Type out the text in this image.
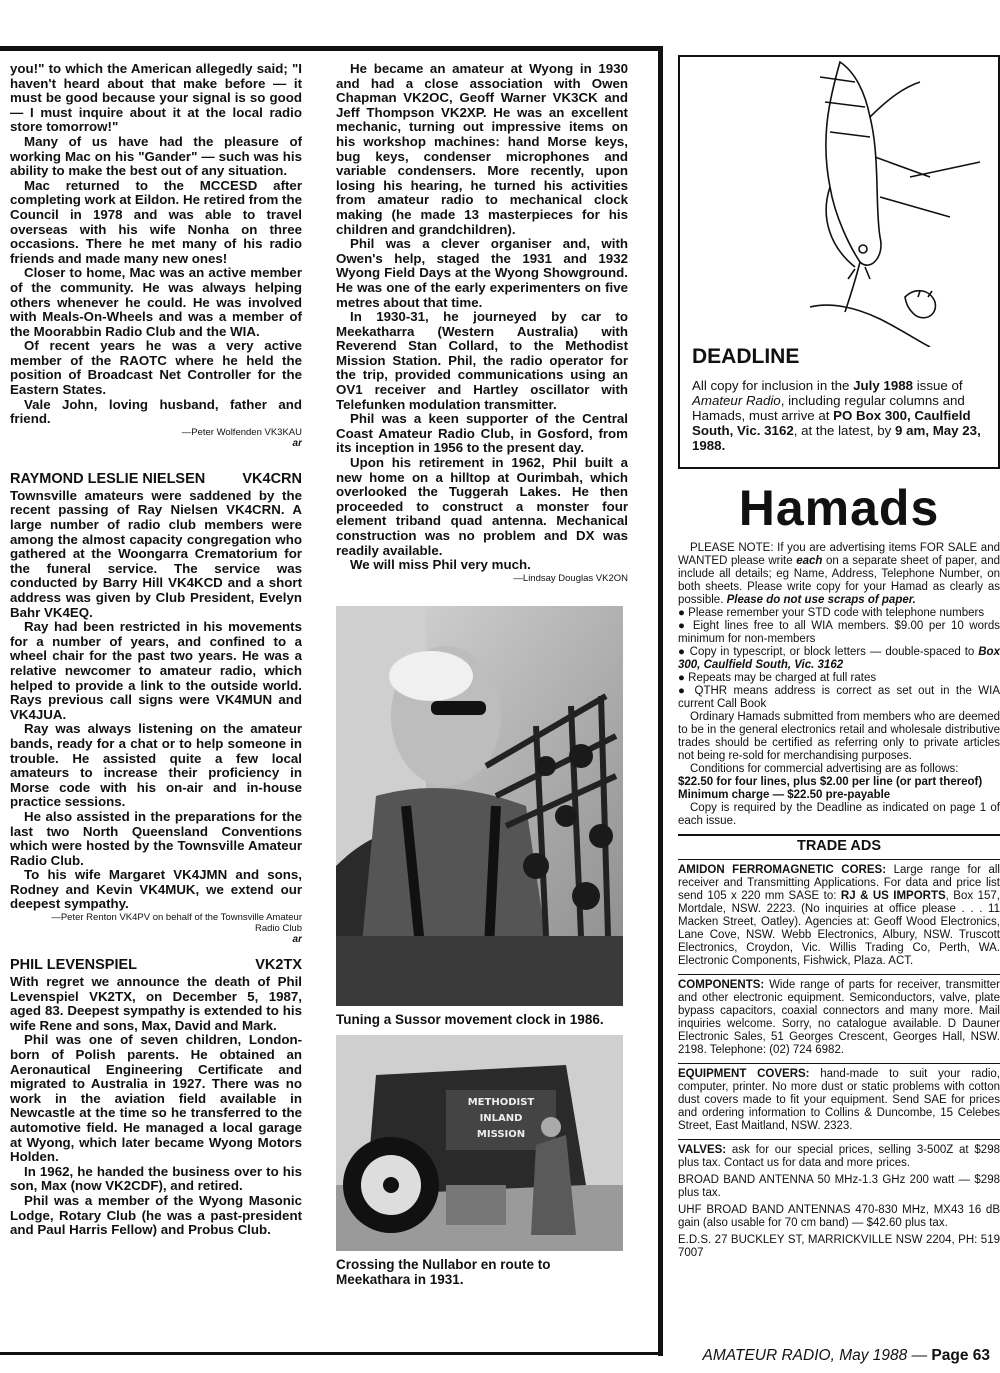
you!" to which the American allegedly said; "I haven't heard about that make before — it must be good because your signal is so good — I must inquire about it at the local radio store tomorrow!"

Many of us have had the pleasure of working Mac on his "Gander" — such was his ability to make the best out of any situation.

Mac returned to the MCCESD after completing work at Eildon. He retired from the Council in 1978 and was able to travel overseas with his wife Nonha on three occasions. There he met many of his radio friends and made many new ones!

Closer to home, Mac was an active member of the community. He was always helping others whenever he could. He was involved with Meals-On-Wheels and was a member of the Moorabbin Radio Club and the WIA.

Of recent years he was a very active member of the RAOTC where he held the position of Broadcast Net Controller for the Eastern States.

Vale John, loving husband, father and friend.

—Peter Wolfenden VK3KAU

ar

RAYMOND LESLIE NIELSEN	VK4CRN

Townsville amateurs were saddened by the recent passing of Ray Nielsen VK4CRN. A large number of radio club members were among the almost capacity congregation who gathered at the Woongarra Crematorium for the funeral service. The service was conducted by Barry Hill VK4KCD and a short address was given by Club President, Evelyn Bahr VK4EQ.

Ray had been restricted in his movements for a number of years, and confined to a wheel chair for the past two years. He was a relative newcomer to amateur radio, which helped to provide a link to the outside world. Rays previous call signs were VK4MUN and VK4JUA.

Ray was always listening on the amateur bands, ready for a chat or to help someone in trouble. He assisted quite a few local amateurs to increase their proficiency in Morse code with his on-air and in-house practice sessions.

He also assisted in the preparations for the last two North Queensland Conventions which were hosted by the Townsville Amateur Radio Club.

To his wife Margaret VK4JMN and sons, Rodney and Kevin VK4MUK, we extend our deepest sympathy.

—Peter Renton VK4PV on behalf of the Townsville Amateur Radio Club

ar

PHIL LEVENSPIEL	VK2TX

With regret we announce the death of Phil Levenspiel VK2TX, on December 5, 1987, aged 83. Deepest sympathy is extended to his wife Rene and sons, Max, David and Mark.

Phil was one of seven children, London-born of Polish parents. He obtained an Aeronautical Engineering Certificate and migrated to Australia in 1927. There was no work in the aviation field available in Newcastle at the time so he transferred to the automotive field. He managed a local garage at Wyong, which later became Wyong Motors Holden.

In 1962, he handed the business over to his son, Max (now VK2CDF), and retired.

Phil was a member of the Wyong Masonic Lodge, Rotary Club (he was a past-president and Paul Harris Fellow) and Probus Club.

He became an amateur at Wyong in 1930 and had a close association with Owen Chapman VK2OC, Geoff Warner VK3CK and Jeff Thompson VK2XP. He was an excellent mechanic, turning out impressive items on his workshop machines: hand Morse keys, bug keys, condenser microphones and variable condensers. More recently, upon losing his hearing, he turned his activities from amateur radio to mechanical clock making (he made 13 masterpieces for his children and grandchildren).

Phil was a clever organiser and, with Owen's help, staged the 1931 and 1932 Wyong Field Days at the Wyong Showground. He was one of the early experimenters on five metres about that time.

In 1930-31, he journeyed by car to Meekatharra (Western Australia) with Reverend Stan Collard, to the Methodist Mission Station. Phil, the radio operator for the trip, provided communications using an OV1 receiver and Hartley oscillator with Telefunken modulation transmitter.

Phil was a keen supporter of the Central Coast Amateur Radio Club, in Gosford, from its inception in 1956 to the present day.

Upon his retirement in 1962, Phil built a new home on a hilltop at Ourimbah, which overlooked the Tuggerah Lakes. He then proceeded to construct a monster four element triband quad antenna. Mechanical construction was no problem and DX was readily available.

We will miss Phil very much.

—Lindsay Douglas VK2ON

Tuning a Sussor movement clock in 1986.

METHODIST
INLAND
MISSION

Crossing the Nullabor en route to Meekathara in 1931.

DEADLINE
All copy for inclusion in the July 1988 issue of Amateur Radio, including regular columns and Hamads, must arrive at PO Box 300, Caulfield South, Vic. 3162, at the latest, by 9 am, May 23, 1988.
Hamads

PLEASE NOTE: If you are advertising items FOR SALE and WANTED please write each on a separate sheet of paper, and include all details; eg Name, Address, Telephone Number, on both sheets. Please write copy for your Hamad as clearly as possible. Please do not use scraps of paper.

● Please remember your STD code with telephone numbers

● Eight lines free to all WIA members. $9.00 per 10 words minimum for non-members

● Copy in typescript, or block letters — double-spaced to Box 300, Caulfield South, Vic. 3162

● Repeats may be charged at full rates

● QTHR means address is correct as set out in the WIA current Call Book

Ordinary Hamads submitted from members who are deemed to be in the general electronics retail and wholesale distributive trades should be certified as referring only to private articles not being re-sold for merchandising purposes.

Conditions for commercial advertising are as follows:

$22.50 for four lines, plus $2.00 per line (or part thereof)

Minimum charge — $22.50 pre-payable

Copy is required by the Deadline as indicated on page 1 of each issue.

TRADE ADS

AMIDON FERROMAGNETIC CORES: Large range for all receiver and Transmitting Applications. For data and price list send 105 x 220 mm SASE to: RJ & US IMPORTS, Box 157, Mortdale, NSW. 2223. (No inquiries at office please . . . 11 Macken Street, Oatley). Agencies at: Geoff Wood Electronics, Lane Cove, NSW. Webb Electronics, Albury, NSW. Truscott Electronics, Croydon, Vic. Willis Trading Co, Perth, WA. Electronic Components, Fishwick, Plaza. ACT.

COMPONENTS: Wide range of parts for receiver, transmitter and other electronic equipment. Semiconductors, valve, plate bypass capacitors, coaxial connectors and many more. Mail inquiries welcome. Sorry, no catalogue available. D Dauner Electronic Sales, 51 Georges Crescent, Georges Hall, NSW. 2198. Telephone: (02) 724 6982.

EQUIPMENT COVERS: hand-made to suit your radio, computer, printer. No more dust or static problems with cotton dust covers made to fit your equipment. Send SAE for prices and ordering information to Collins & Duncombe, 15 Celebes Street, East Maitland, NSW. 2323.

VALVES: ask for our special prices, selling 3-500Z at $298 plus tax. Contact us for data and more prices.

BROAD BAND ANTENNA 50 MHz-1.3 GHz 200 watt — $298 plus tax.

UHF BROAD BAND ANTENNAS 470-830 MHz, MX43 16 dB gain (also usable for 70 cm band) — $42.60 plus tax.

E.D.S. 27 BUCKLEY ST, MARRICKVILLE NSW 2204, PH: 519 7007

AMATEUR RADIO, May 1988 — Page 63
